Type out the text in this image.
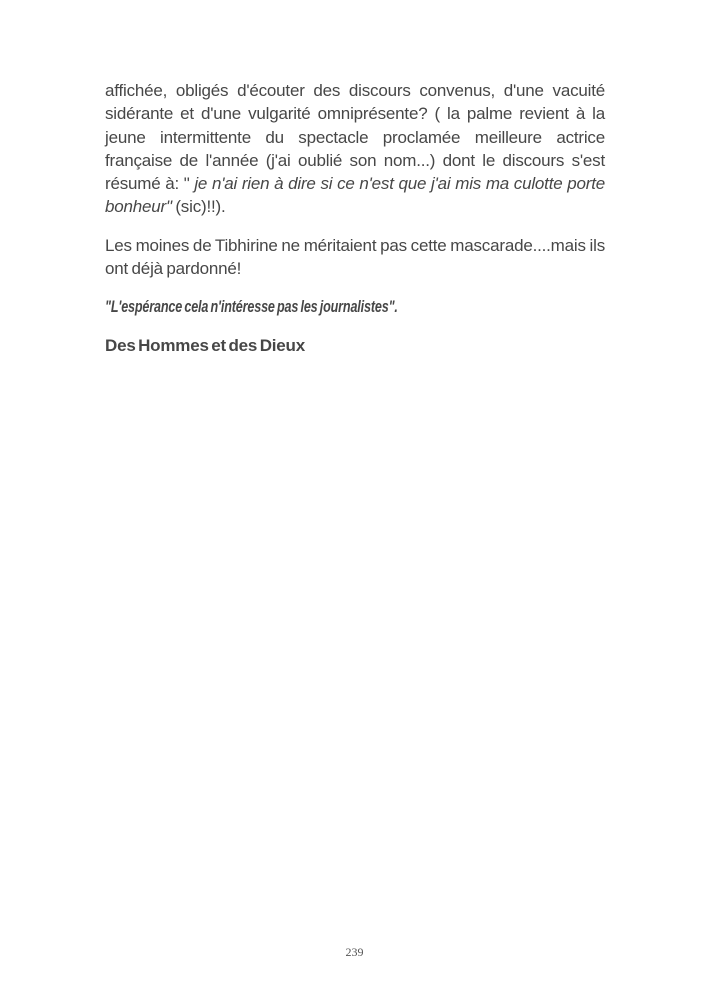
affichée, obligés d'écouter des discours convenus, d'une vacuité sidérante et d'une vulgarité omniprésente? ( la palme revient à la jeune intermittente du spectacle proclamée meilleure actrice française de l'année (j'ai oublié son nom...) dont le discours s'est résumé à: " je n'ai rien à dire si ce n'est que j'ai mis ma culotte porte bonheur" (sic)!!).

Les moines de Tibhirine ne méritaient pas cette mascarade....mais ils ont déjà pardonné!

"L'espérance cela n'intéresse pas les journalistes".

Des Hommes et des Dieux

239
